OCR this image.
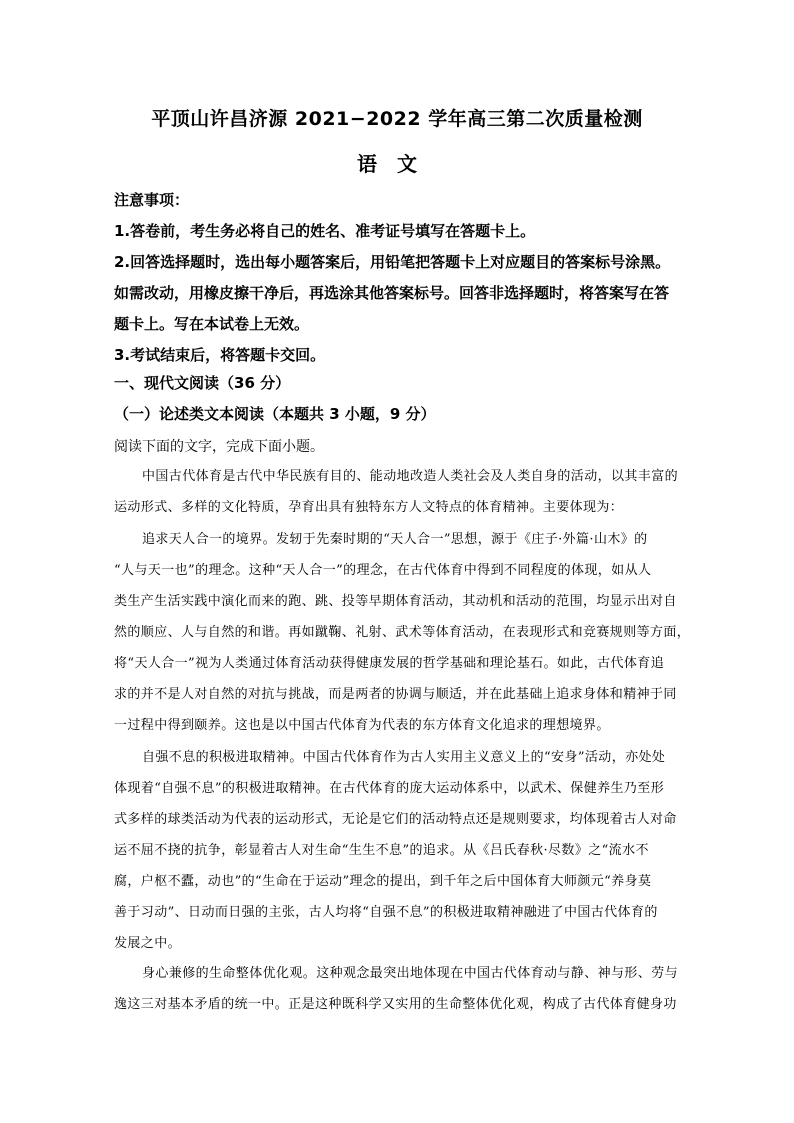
平顶山许昌济源 2021−2022 学年高三第二次质量检测
语文
注意事项：
1.答卷前，考生务必将自己的姓名、准考证号填写在答题卡上。
2.回答选择题时，选出每小题答案后，用铅笔把答题卡上对应题目的答案标号涂黑。
如需改动，用橡皮擦干净后，再选涂其他答案标号。回答非选择题时，将答案写在答
题卡上。写在本试卷上无效。
3.考试结束后，将答题卡交回。
一、现代文阅读（36 分）
（一）论述类文本阅读（本题共 3 小题，9 分）
阅读下面的文字，完成下面小题。
中国古代体育是古代中华民族有目的、能动地改造人类社会及人类自身的活动，以其丰富的
运动形式、多样的文化特质，孕育出具有独特东方人文特点的体育精神。主要体现为：
追求天人合一的境界。发轫于先秦时期的“天人合一”思想，源于《庄子·外篇·山木》的
“人与天一也”的理念。这种“天人合一”的理念，在古代体育中得到不同程度的体现，如从人
类生产生活实践中演化而来的跑、跳、投等早期体育活动，其动机和活动的范围，均显示出对自
然的顺应、人与自然的和谐。再如蹴鞠、礼射、武术等体育活动，在表现形式和竞赛规则等方面，
将“天人合一”视为人类通过体育活动获得健康发展的哲学基础和理论基石。如此，古代体育追
求的并不是人对自然的对抗与挑战，而是两者的协调与顺适，并在此基础上追求身体和精神于同
一过程中得到颐养。这也是以中国古代体育为代表的东方体育文化追求的理想境界。
自强不息的积极进取精神。中国古代体育作为古人实用主义意义上的“安身”活动，亦处处
体现着“自强不息”的积极进取精神。在古代体育的庞大运动体系中，以武术、保健养生乃至形
式多样的球类活动为代表的运动形式，无论是它们的活动特点还是规则要求，均体现着古人对命
运不屈不挠的抗争，彰显着古人对生命“生生不息”的追求。从《吕氏春秋·尽数》之“流水不
腐，户枢不蠹，动也”的“生命在于运动”理念的提出，到千年之后中国体育大师颜元“养身莫
善于习动”、日动而日强的主张，古人均将“自强不息”的积极进取精神融进了中国古代体育的
发展之中。
身心兼修的生命整体优化观。这种观念最突出地体现在中国古代体育动与静、神与形、劳与
逸这三对基本矛盾的统一中。正是这种既科学又实用的生命整体优化观，构成了古代体育健身功
